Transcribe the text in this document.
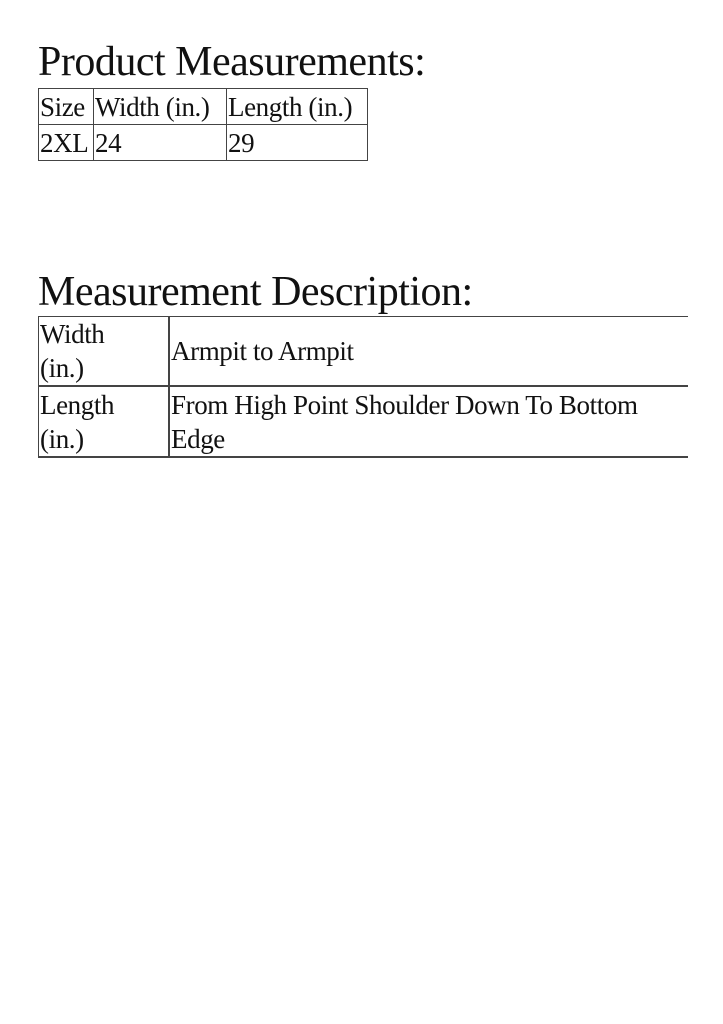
Product Measurements:
Size	Width (in.)	Length (in.)
2XL	24	29
Measurement Description:
Width
(in.)	Armpit to Armpit

Length
(in.)	From High Point Shoulder Down To Bottom
Edge
